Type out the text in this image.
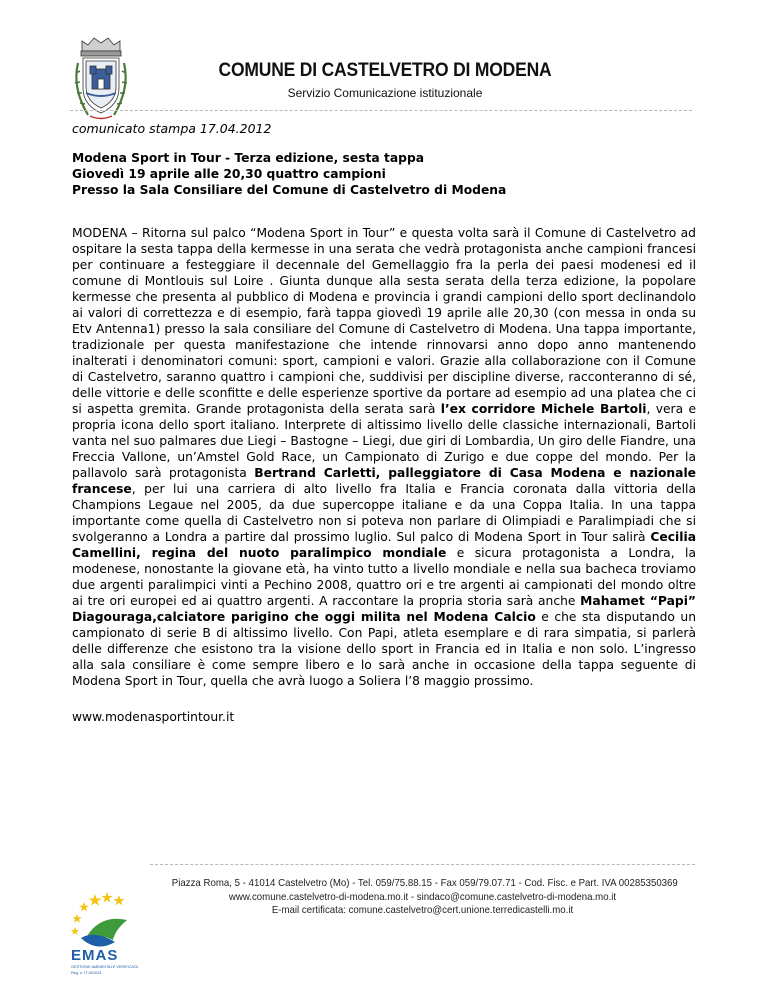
COMUNE DI CASTELVETRO DI MODENA
Servizio Comunicazione istituzionale
comunicato stampa 17.04.2012
Modena Sport in Tour - Terza edizione, sesta tappa
Giovedì 19 aprile alle 20,30 quattro campioni
Presso la Sala Consiliare del Comune di Castelvetro di Modena

MODENA – Ritorna sul palco “Modena Sport in Tour” e questa volta sarà il Comune di Castelvetro ad ospitare la sesta tappa della kermesse in una serata che vedrà protagonista anche campioni francesi per continuare a festeggiare il decennale del Gemellaggio fra la perla dei paesi modenesi ed il comune di Montlouis sul Loire . Giunta dunque alla sesta serata della terza edizione, la popolare kermesse che presenta al pubblico di Modena e provincia i grandi campioni dello sport declinandolo ai valori di correttezza e di esempio, farà tappa giovedì 19 aprile alle 20,30 (con messa in onda su Etv Antenna1) presso la sala consiliare del Comune di Castelvetro di Modena. Una tappa importante, tradizionale per questa manifestazione che intende rinnovarsi anno dopo anno mantenendo inalterati i denominatori comuni: sport, campioni e valori. Grazie alla collaborazione con il Comune di Castelvetro, saranno quattro i campioni che, suddivisi per discipline diverse, racconteranno di sé, delle vittorie e delle sconfitte e delle esperienze sportive da portare ad esempio ad una platea che ci si aspetta gremita. Grande protagonista della serata sarà l’ex corridore Michele Bartoli, vera e propria icona dello sport italiano. Interprete di altissimo livello delle classiche internazionali, Bartoli vanta nel suo palmares due Liegi – Bastogne – Liegi, due giri di Lombardia, Un giro delle Fiandre, una Freccia Vallone, un’Amstel Gold Race, un Campionato di Zurigo e due coppe del mondo. Per la pallavolo sarà protagonista Bertrand Carletti, palleggiatore di Casa Modena e nazionale francese, per lui una carriera di alto livello fra Italia e Francia coronata dalla vittoria della Champions Legaue nel 2005, da due supercoppe italiane e da una Coppa Italia. In una tappa importante come quella di Castelvetro non si poteva non parlare di Olimpiadi e Paralimpiadi che si svolgeranno a Londra a partire dal prossimo luglio. Sul palco di Modena Sport in Tour salirà Cecilia Camellini, regina del nuoto paralimpico mondiale e sicura protagonista a Londra, la modenese, nonostante la giovane età, ha vinto tutto a livello mondiale e nella sua bacheca troviamo due argenti paralimpici vinti a Pechino 2008, quattro ori e tre argenti ai campionati del mondo oltre ai tre ori europei ed ai quattro argenti. A raccontare la propria storia sarà anche Mahamet “Papi” Diagouraga,calciatore parigino che oggi milita nel Modena Calcio e che sta disputando un campionato di serie B di altissimo livello. Con Papi, atleta esemplare e di rara simpatia, si parlerà delle differenze che esistono tra la visione dello sport in Francia ed in Italia e non solo. L’ingresso alla sala consiliare è come sempre libero e lo sarà anche in occasione della tappa seguente di Modena Sport in Tour, quella che avrà luogo a Soliera l’8 maggio prossimo.

www.modenasportintour.it
EMAS
GESTIONE AMBIENTALE VERIFICATA
Reg. n. IT-001024
Piazza Roma, 5 - 41014 Castelvetro (Mo) - Tel. 059/75.88.15 - Fax 059/79.07.71 - Cod. Fisc. e Part. IVA 00285350369
www.comune.castelvetro-di-modena.mo.it - sindaco@comune.castelvetro-di-modena.mo.it
E-mail certificata: comune.castelvetro@cert.unione.terredicastelli.mo.it
